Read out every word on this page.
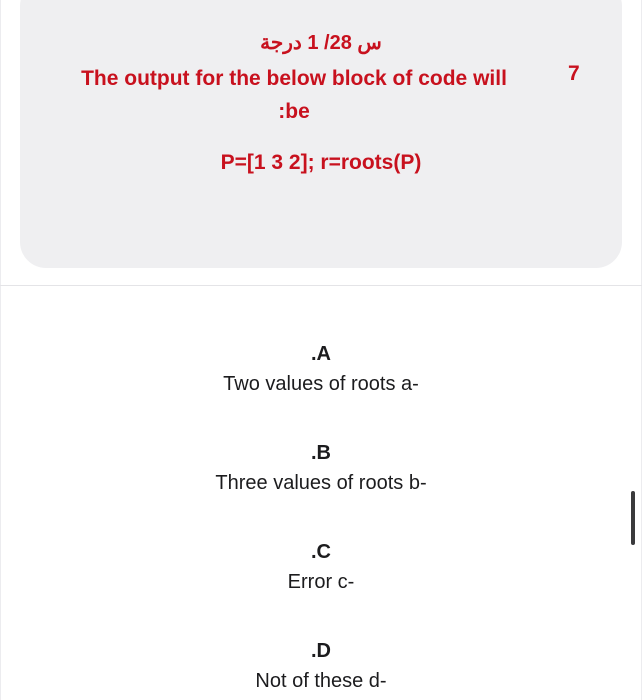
س 28/ 1 درجة
7
The output for the below block of code will
:be
P=[1 3 2]; r=roots(P)
.A
Two values of roots a-
.B
Three values of roots b-
.C
Error c-
.D
Not of these d-
